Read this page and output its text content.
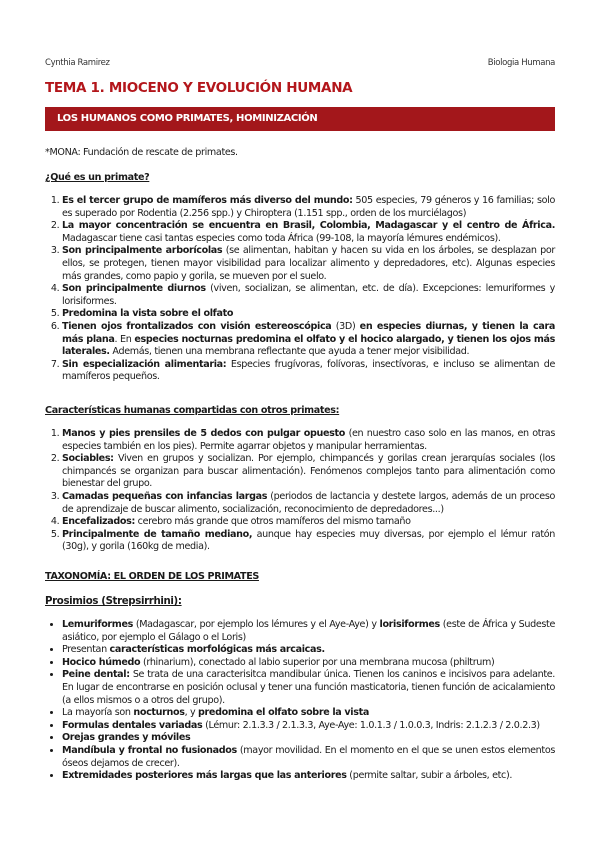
Cynthia Ramirez	Biologia Humana
TEMA 1. MIOCENO Y EVOLUCIÓN HUMANA
LOS HUMANOS COMO PRIMATES, HOMINIZACIÓN
*MONA: Fundación de rescate de primates.
¿Qué es un primate?
1. Es el tercer grupo de mamíferos más diverso del mundo: 505 especies, 79 géneros y 16 familias; solo es superado por Rodentia (2.256 spp.) y Chiroptera (1.151 spp., orden de los murciélagos)
2. La mayor concentración se encuentra en Brasil, Colombia, Madagascar y el centro de África. Madagascar tiene casi tantas especies como toda África (99-108, la mayoría lémures endémicos).
3. Son principalmente arborícolas (se alimentan, habitan y hacen su vida en los árboles, se desplazan por ellos, se protegen, tienen mayor visibilidad para localizar alimento y depredadores, etc). Algunas especies más grandes, como papio y gorila, se mueven por el suelo.
4. Son principalmente diurnos (viven, socializan, se alimentan, etc. de día). Excepciones: lemuriformes y lorisiformes.
5. Predomina la vista sobre el olfato
6. Tienen ojos frontalizados con visión estereoscópica (3D) en especies diurnas, y tienen la cara más plana. En especies nocturnas predomina el olfato y el hocico alargado, y tienen los ojos más laterales. Además, tienen una membrana reflectante que ayuda a tener mejor visibilidad.
7. Sin especialización alimentaria: Especies frugívoras, folívoras, insectívoras, e incluso se alimentan de mamíferos pequeños.
Características humanas compartidas con otros primates:
1. Manos y pies prensiles de 5 dedos con pulgar opuesto (en nuestro caso solo en las manos, en otras especies también en los pies). Permite agarrar objetos y manipular herramientas.
2. Sociables: Viven en grupos y socializan. Por ejemplo, chimpancés y gorilas crean jerarquías sociales (los chimpancés se organizan para buscar alimentación). Fenómenos complejos tanto para alimentación como bienestar del grupo.
3. Camadas pequeñas con infancias largas (periodos de lactancia y destete largos, además de un proceso de aprendizaje de buscar alimento, socialización, reconocimiento de depredadores...)
4. Encefalizados: cerebro más grande que otros mamíferos del mismo tamaño
5. Principalmente de tamaño mediano, aunque hay especies muy diversas, por ejemplo el lémur ratón (30g), y gorila (160kg de media).
TAXONOMÍA: EL ORDEN DE LOS PRIMATES
Prosimios (Strepsirrhini):
• Lemuriformes (Madagascar, por ejemplo los lémures y el Aye-Aye) y lorisiformes (este de África y Sudeste asiático, por ejemplo el Gálago o el Loris)
• Presentan características morfológicas más arcaicas.
• Hocico húmedo (rhinarium), conectado al labio superior por una membrana mucosa (philtrum)
• Peine dental: Se trata de una caracterisitca mandibular única. Tienen los caninos e incisivos para adelante. En lugar de encontrarse en posición oclusal y tener una función masticatoria, tienen función de acicalamiento (a ellos mismos o a otros del grupo).
• La mayoría son nocturnos, y predomina el olfato sobre la vista
• Formulas dentales variadas (Lémur: 2.1.3.3 / 2.1.3.3, Aye-Aye: 1.0.1.3 / 1.0.0.3, Indris: 2.1.2.3 / 2.0.2.3)
• Orejas grandes y móviles
• Mandíbula y frontal no fusionados (mayor movilidad. En el momento en el que se unen estos elementos óseos dejamos de crecer).
• Extremidades posteriores más largas que las anteriores (permite saltar, subir a árboles, etc).
